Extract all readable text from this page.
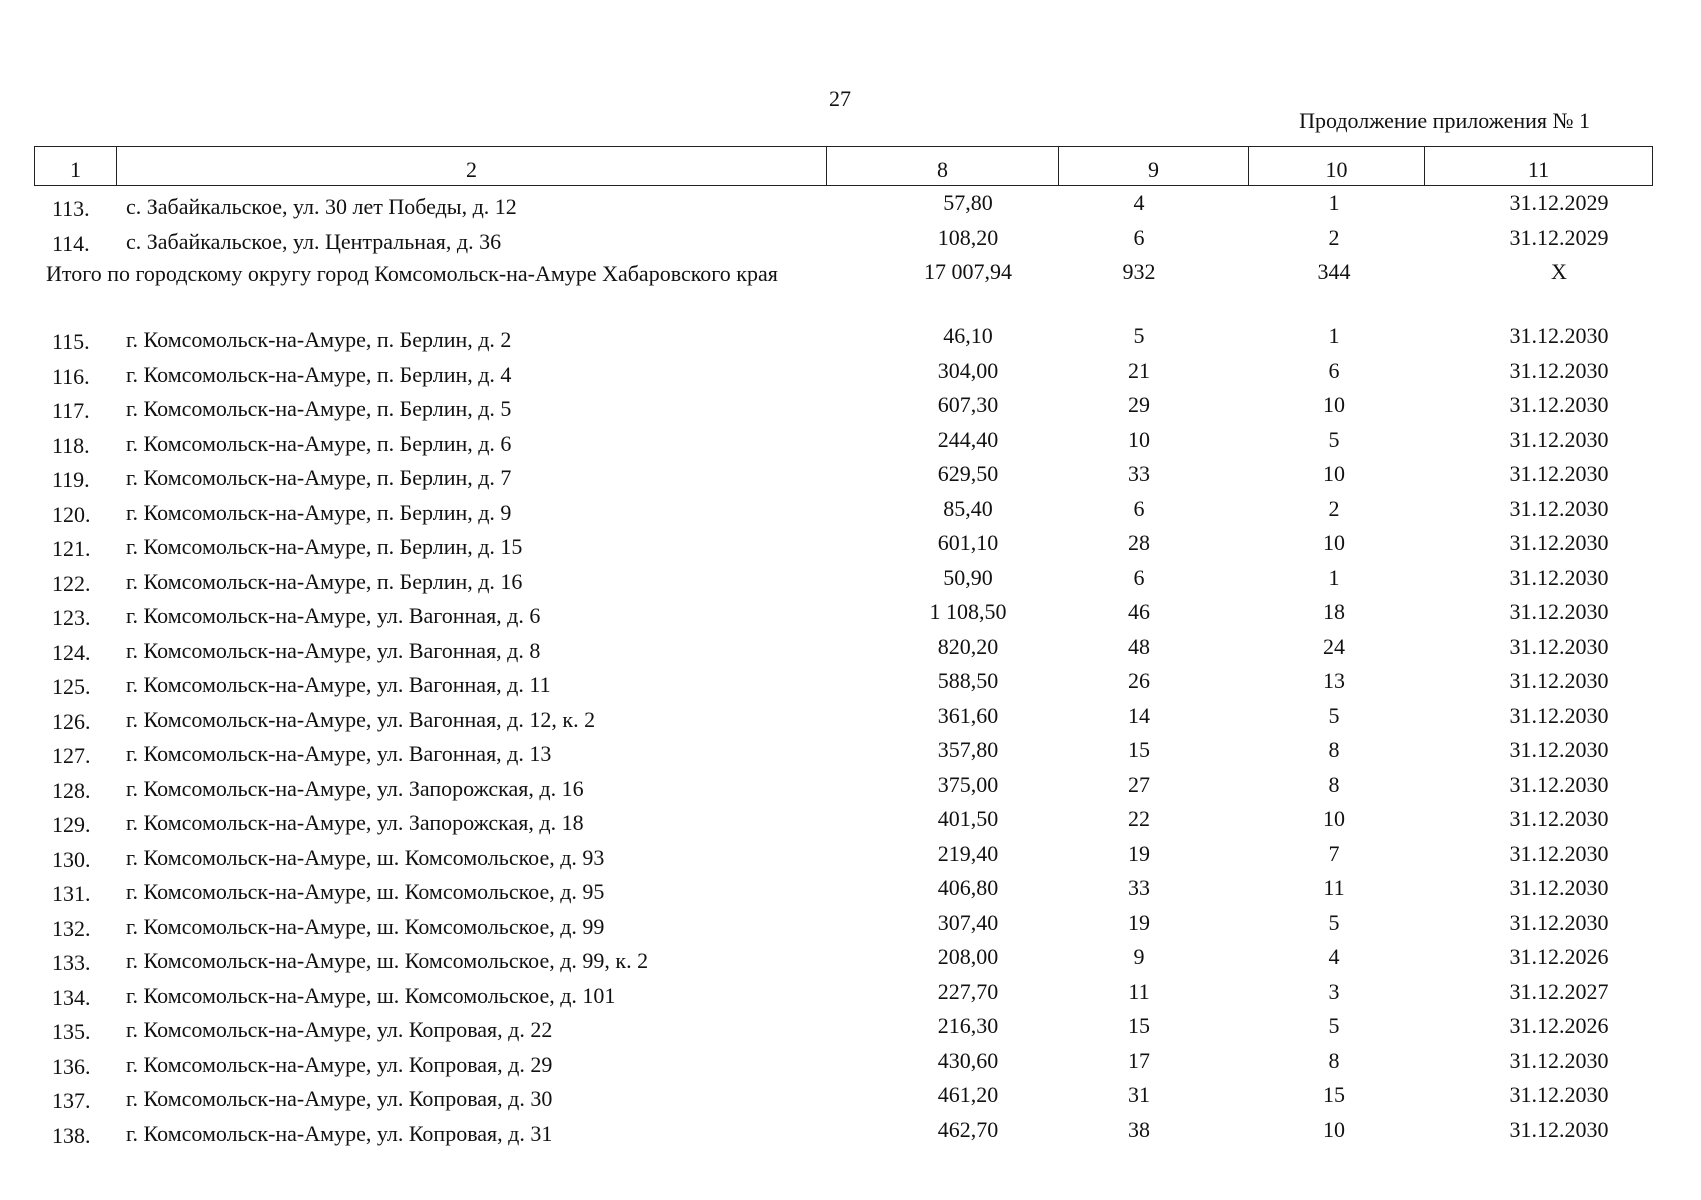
27
Продолжение приложения № 1
1	2	8	9	10	11
113.	с. Забайкальское, ул. 30 лет Победы, д. 12	57,80	4	1	31.12.2029
114.	с. Забайкальское, ул. Центральная, д. 36	108,20	6	2	31.12.2029
Итого по городскому округу город Комсомольск-на-Амуре Хабаровского края	17 007,94	932	344	X
115.	г. Комсомольск-на-Амуре, п. Берлин, д. 2	46,10	5	1	31.12.2030
116.	г. Комсомольск-на-Амуре, п. Берлин, д. 4	304,00	21	6	31.12.2030
117.	г. Комсомольск-на-Амуре, п. Берлин, д. 5	607,30	29	10	31.12.2030
118.	г. Комсомольск-на-Амуре, п. Берлин, д. 6	244,40	10	5	31.12.2030
119.	г. Комсомольск-на-Амуре, п. Берлин, д. 7	629,50	33	10	31.12.2030
120.	г. Комсомольск-на-Амуре, п. Берлин, д. 9	85,40	6	2	31.12.2030
121.	г. Комсомольск-на-Амуре, п. Берлин, д. 15	601,10	28	10	31.12.2030
122.	г. Комсомольск-на-Амуре, п. Берлин, д. 16	50,90	6	1	31.12.2030
123.	г. Комсомольск-на-Амуре, ул. Вагонная, д. 6	1 108,50	46	18	31.12.2030
124.	г. Комсомольск-на-Амуре, ул. Вагонная, д. 8	820,20	48	24	31.12.2030
125.	г. Комсомольск-на-Амуре, ул. Вагонная, д. 11	588,50	26	13	31.12.2030
126.	г. Комсомольск-на-Амуре, ул. Вагонная, д. 12, к. 2	361,60	14	5	31.12.2030
127.	г. Комсомольск-на-Амуре, ул. Вагонная, д. 13	357,80	15	8	31.12.2030
128.	г. Комсомольск-на-Амуре, ул. Запорожская, д. 16	375,00	27	8	31.12.2030
129.	г. Комсомольск-на-Амуре, ул. Запорожская, д. 18	401,50	22	10	31.12.2030
130.	г. Комсомольск-на-Амуре, ш. Комсомольское, д. 93	219,40	19	7	31.12.2030
131.	г. Комсомольск-на-Амуре, ш. Комсомольское, д. 95	406,80	33	11	31.12.2030
132.	г. Комсомольск-на-Амуре, ш. Комсомольское, д. 99	307,40	19	5	31.12.2030
133.	г. Комсомольск-на-Амуре, ш. Комсомольское, д. 99, к. 2	208,00	9	4	31.12.2026
134.	г. Комсомольск-на-Амуре, ш. Комсомольское, д. 101	227,70	11	3	31.12.2027
135.	г. Комсомольск-на-Амуре, ул. Копровая, д. 22	216,30	15	5	31.12.2026
136.	г. Комсомольск-на-Амуре, ул. Копровая, д. 29	430,60	17	8	31.12.2030
137.	г. Комсомольск-на-Амуре, ул. Копровая, д. 30	461,20	31	15	31.12.2030
138.	г. Комсомольск-на-Амуре, ул. Копровая, д. 31	462,70	38	10	31.12.2030
